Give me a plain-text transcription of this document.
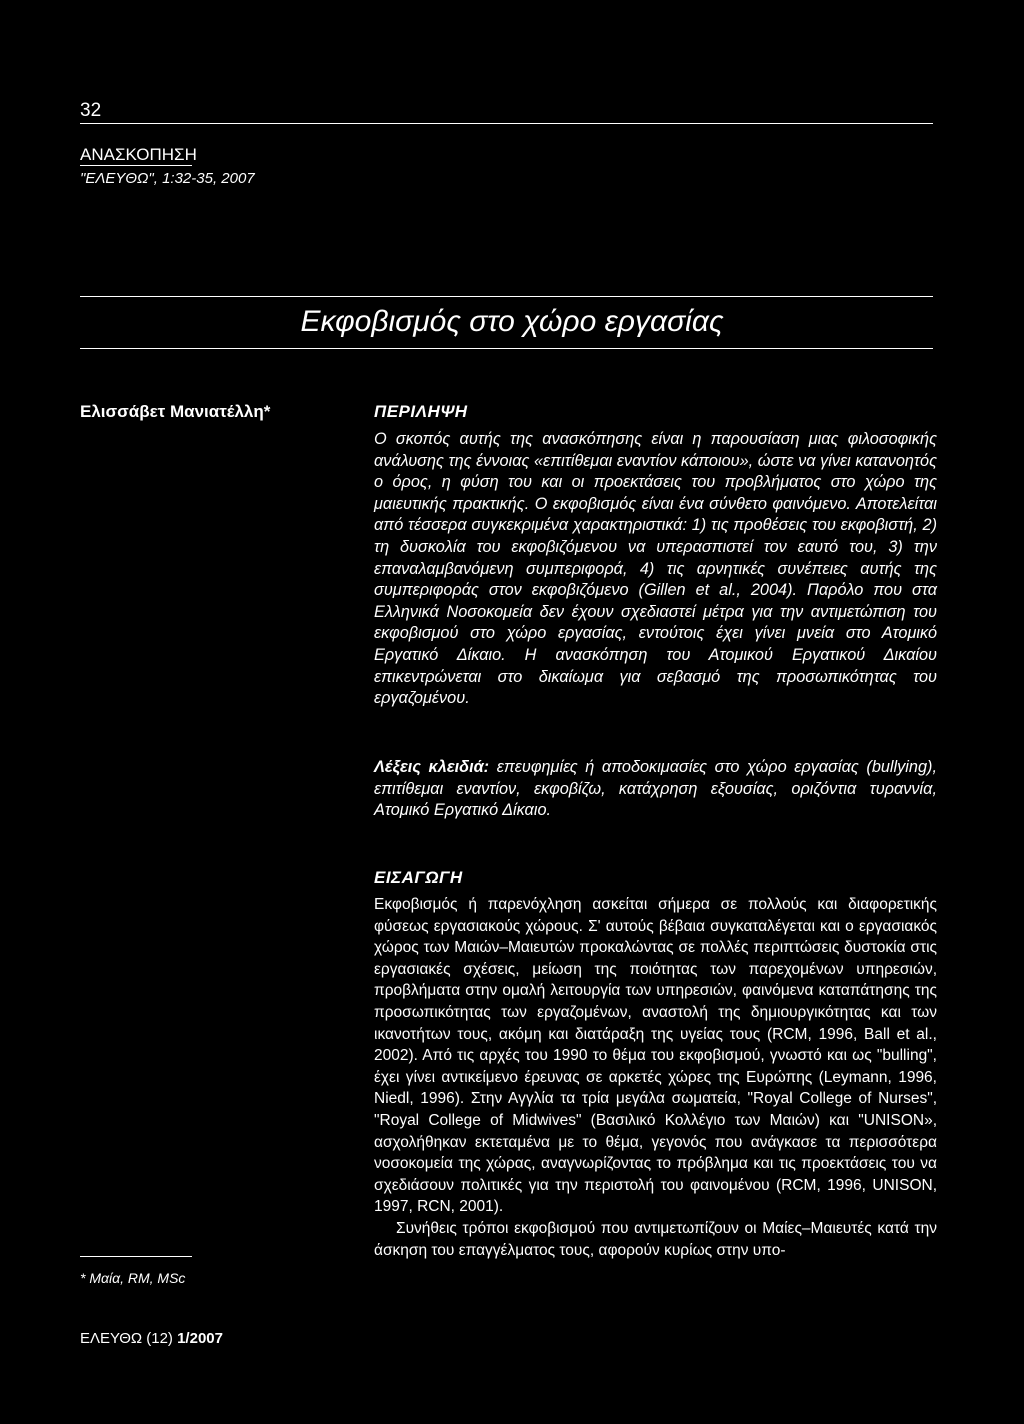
32
ΑΝΑΣΚΟΠΗΣΗ
"ΕΛΕΥΘΩ", 1:32-35, 2007
Εκφοβισμός στο χώρο εργασίας
Ελισσάβετ Μανιατέλλη*	ΠΕΡΙΛΗΨΗ

Ο σκοπός αυτής της ανασκόπησης είναι η παρουσίαση μιας φιλοσοφικής ανάλυσης της έννοιας «επιτίθεμαι εναντίον κάποιου», ώστε να γίνει κατανοητός ο όρος, η φύση του και οι προεκτάσεις του προβλήματος στο χώρο της μαιευτικής πρακτικής. Ο εκφοβισμός είναι ένα σύνθετο φαινόμενο. Αποτελείται από τέσσερα συγκεκριμένα χαρακτηριστικά: 1) τις προθέσεις του εκφοβιστή, 2) τη δυσκολία του εκφοβιζόμενου να υπερασπιστεί τον εαυτό του, 3) την επαναλαμβανόμενη συμπεριφορά, 4) τις αρνητικές συνέπειες αυτής της συμπεριφοράς στον εκφοβιζόμενο (Gillen et al., 2004). Παρόλο που στα Ελληνικά Νοσοκομεία δεν έχουν σχεδιαστεί μέτρα για την αντιμετώπιση του εκφοβισμού στο χώρο εργασίας, εντούτοις έχει γίνει μνεία στο Ατομικό Εργατικό Δίκαιο. Η ανασκόπηση του Ατομικού Εργατικού Δικαίου επικεντρώνεται στο δικαίωμα για σεβασμό της προσωπικότητας του εργαζομένου.

Λέξεις κλειδιά: επευφημίες ή αποδοκιμασίες στο χώρο εργασίας (bullying), επιτίθεμαι εναντίον, εκφοβίζω, κατάχρηση εξουσίας, οριζόντια τυραννία, Ατομικό Εργατικό Δίκαιο.

ΕΙΣΑΓΩΓΗ

Εκφοβισμός ή παρενόχληση ασκείται σήμερα σε πολλούς και διαφορετικής φύσεως εργασιακούς χώρους. Σ' αυτούς βέβαια συγκαταλέγεται και ο εργασιακός χώρος των Μαιών–Μαιευτών προκαλώντας σε πολλές περιπτώσεις δυστοκία στις εργασιακές σχέσεις, μείωση της ποιότητας των παρεχομένων υπηρεσιών, προβλήματα στην ομαλή λειτουργία των υπηρεσιών, φαινόμενα καταπάτησης της προσωπικότητας των εργαζομένων, αναστολή της δημιουργικότητας και των ικανοτήτων τους, ακόμη και διατάραξη της υγείας τους (RCM, 1996, Ball et al., 2002). Από τις αρχές του 1990 το θέμα του εκφοβισμού, γνωστό και ως "bulling", έχει γίνει αντικείμενο έρευνας σε αρκετές χώρες της Ευρώπης (Leymann, 1996, Niedl, 1996). Στην Αγγλία τα τρία μεγάλα σωματεία, "Royal College of Nurses", "Royal College of Midwives" (Βασιλικό Κολλέγιο των Μαιών) και "UNISON», ασχολήθηκαν εκτεταμένα με το θέμα, γεγονός που ανάγκασε τα περισσότερα νοσοκομεία της χώρας, αναγνωρίζοντας το πρόβλημα και τις προεκτάσεις του να σχεδιάσουν πολιτικές για την περιστολή του φαινομένου (RCM, 1996, UNISON, 1997, RCN, 2001).

Συνήθεις τρόποι εκφοβισμού που αντιμετωπίζουν οι Μαίες–Μαιευτές κατά την άσκηση του επαγγέλματος τους, αφορούν κυρίως στην υπο-

* Μαία, RM, MSc
ΕΛΕΥΘΩ (12) 1/2007
